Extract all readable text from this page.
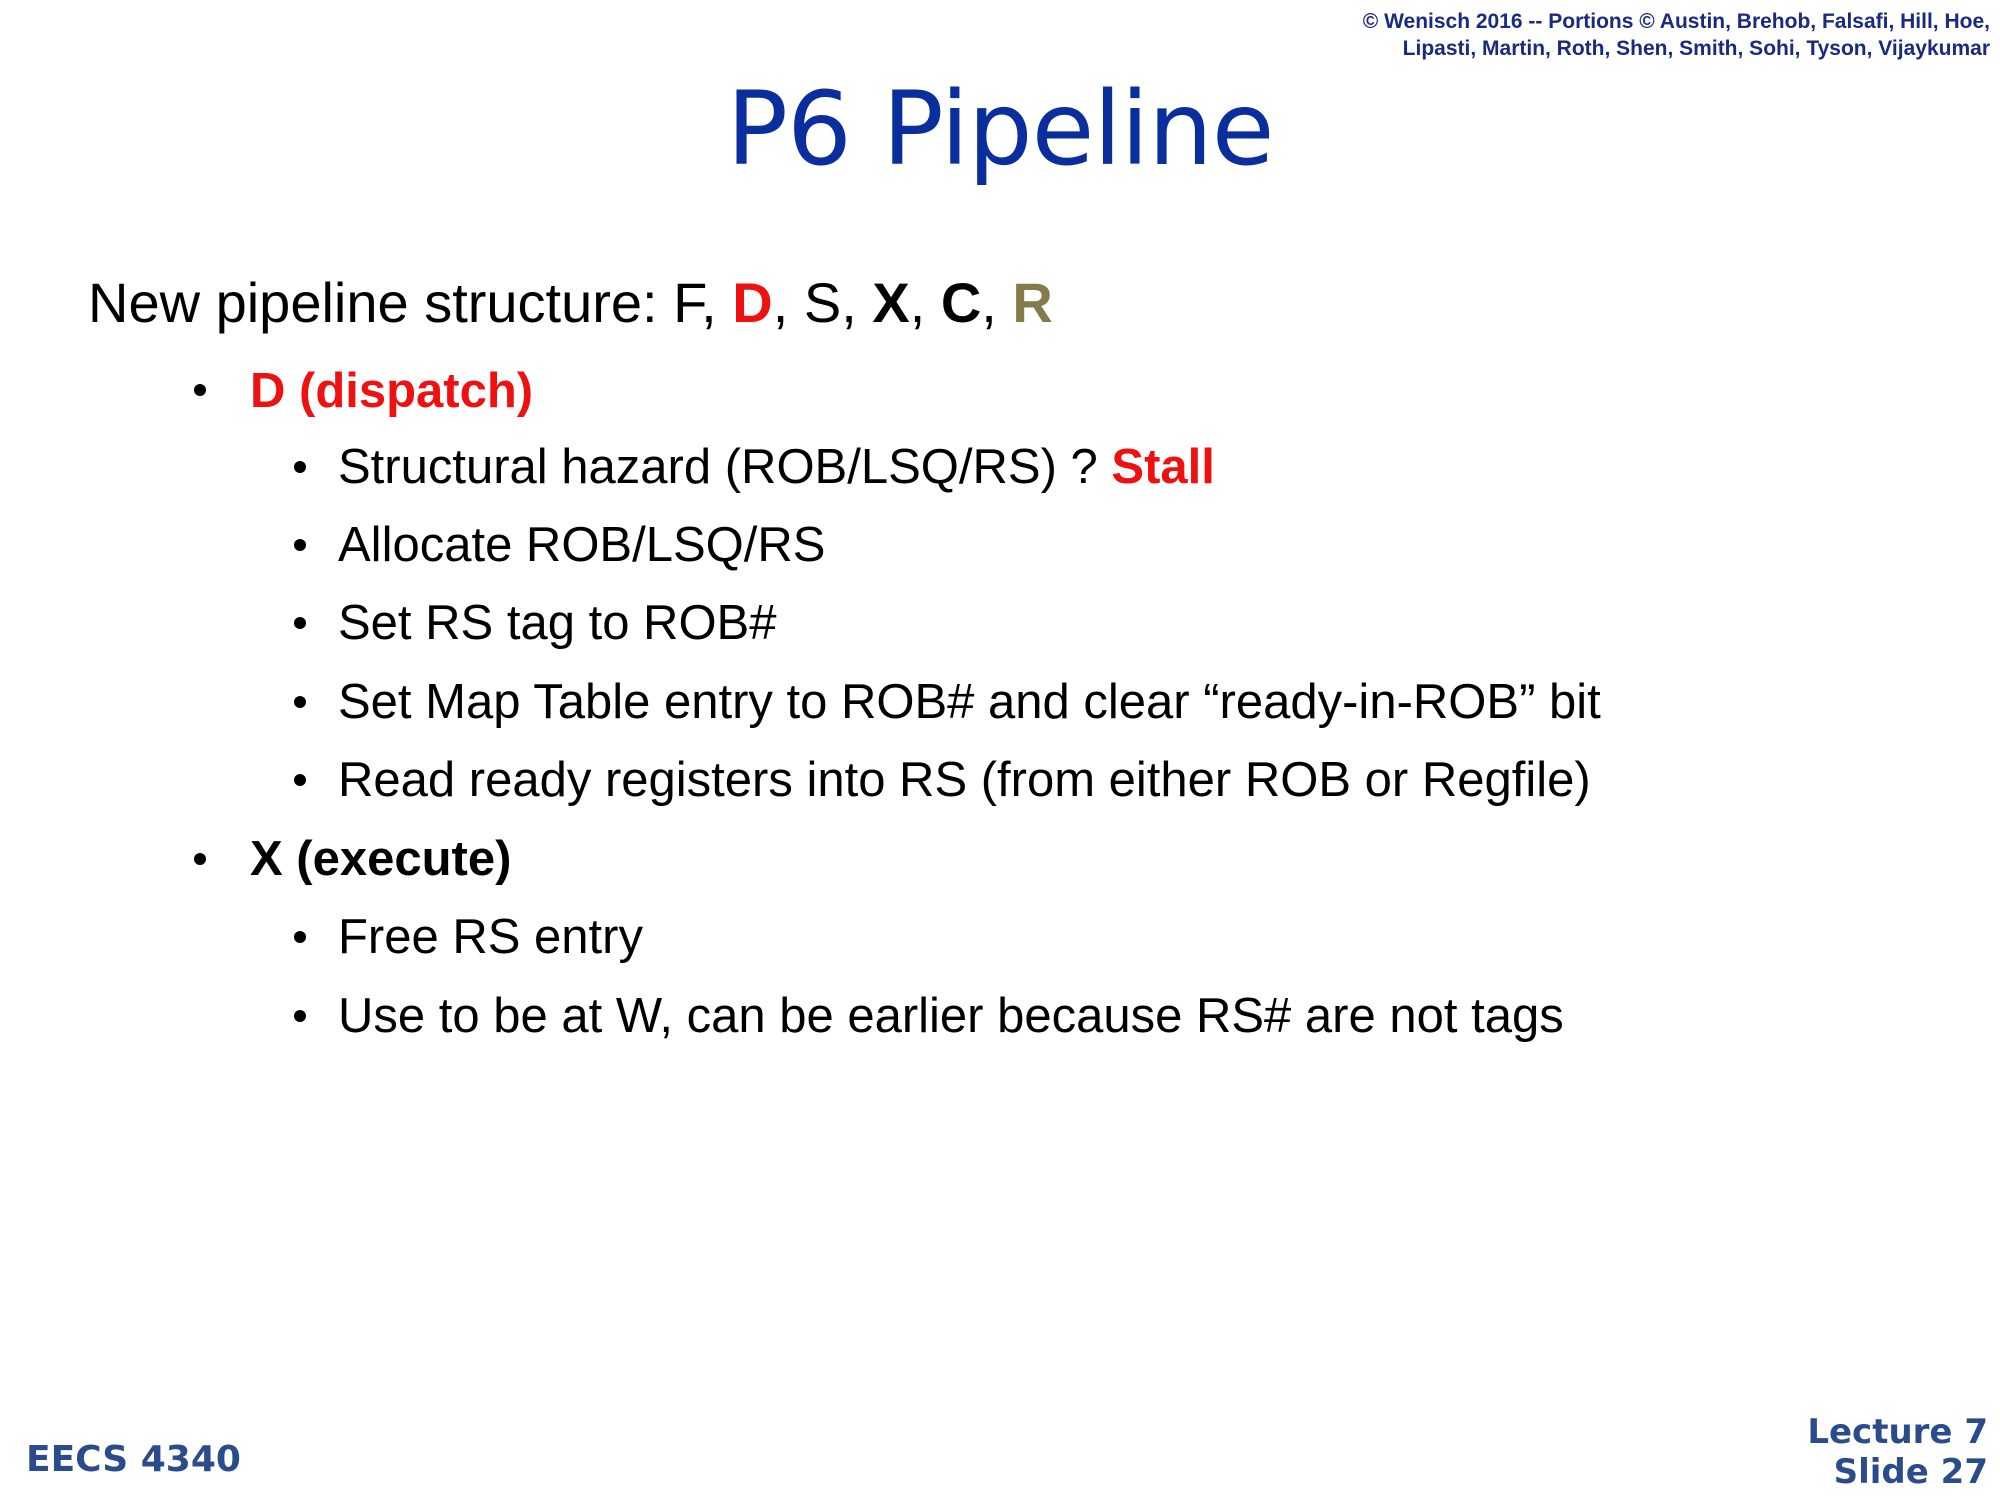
© Wenisch 2016 -- Portions © Austin, Brehob, Falsafi, Hill, Hoe,
Lipasti, Martin, Roth, Shen, Smith, Sohi, Tyson, Vijaykumar
P6 Pipeline
New pipeline structure: F, D, S, X, C, R
D (dispatch)
Structural hazard (ROB/LSQ/RS) ? Stall
Allocate ROB/LSQ/RS
Set RS tag to ROB#
Set Map Table entry to ROB# and clear “ready-in-ROB” bit
Read ready registers into RS (from either ROB or Regfile)
X (execute)
Free RS entry
Use to be at W, can be earlier because RS# are not tags
EECS 4340
Lecture 7
Slide 27
